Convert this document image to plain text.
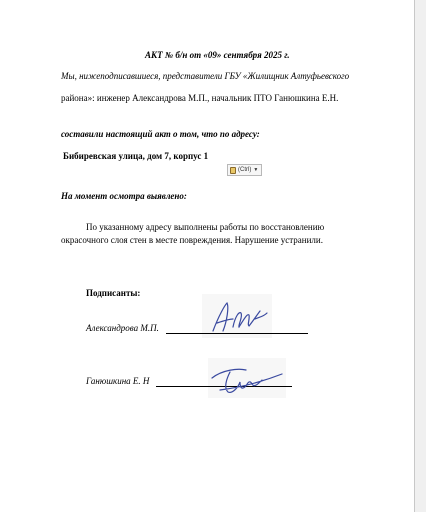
АКТ № б/н от «09» сентября 2025 г.
Мы, нижеподписавшиеся, представители ГБУ «Жилищник Алтуфьевского
района»: инженер Александрова М.П., начальник ПТО Ганюшкина Е.Н.
составили настоящий акт о том, что по адресу:
Бибиревская улица, дом 7, корпус 1
(Ctrl) ▼
На момент осмотра выявлено:
По указанному адресу выполнены работы по восстановлению
окрасочного слоя стен в месте повреждения. Нарушение устранили.
Подписанты:
Александрова М.П.
Ганюшкина Е. Н
